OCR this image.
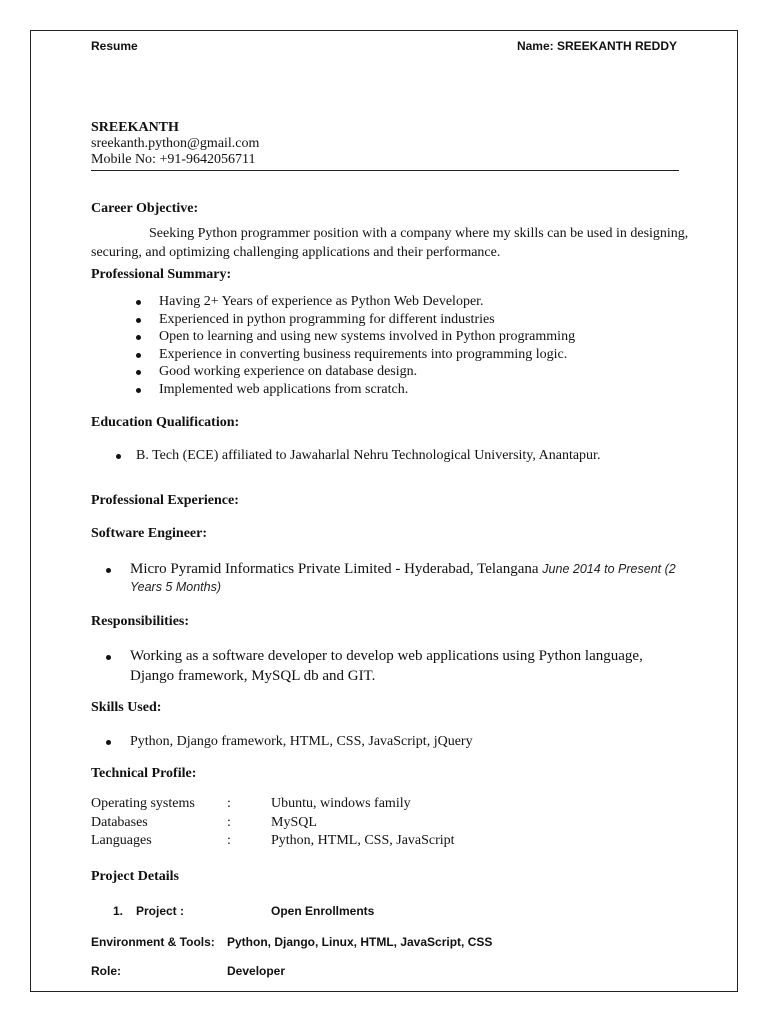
Resume	Name: SREEKANTH REDDY
SREEKANTH
sreekanth.python@gmail.com
Mobile No: +91-9642056711
Career Objective:
Seeking Python programmer position with a company where my skills can be used in designing,
securing, and optimizing challenging applications and their performance.
Professional Summary:
Having 2+ Years of experience as Python Web Developer.
Experienced in python programming for different industries
Open to learning and using new systems involved in Python programming
Experience in converting business requirements into programming logic.
Good working experience on database design.
Implemented web applications from scratch.
Education Qualification:
B. Tech (ECE) affiliated to Jawaharlal Nehru Technological University, Anantapur.
Professional Experience:
Software Engineer:
Micro Pyramid Informatics Private Limited - Hyderabad, Telangana June 2014 to Present (2
Years 5 Months)
Responsibilities:
Working as a software developer to develop web applications using Python language,
Django framework, MySQL db and GIT.
Skills Used:
Python, Django framework, HTML, CSS, JavaScript, jQuery
Technical Profile:
Operating systems :	Ubuntu, windows family
Databases	:	MySQL
Languages	:	Python, HTML, CSS, JavaScript
Project Details
1. Project :	Open Enrollments
Environment & Tools: Python, Django, Linux, HTML, JavaScript, CSS
Role:	Developer
